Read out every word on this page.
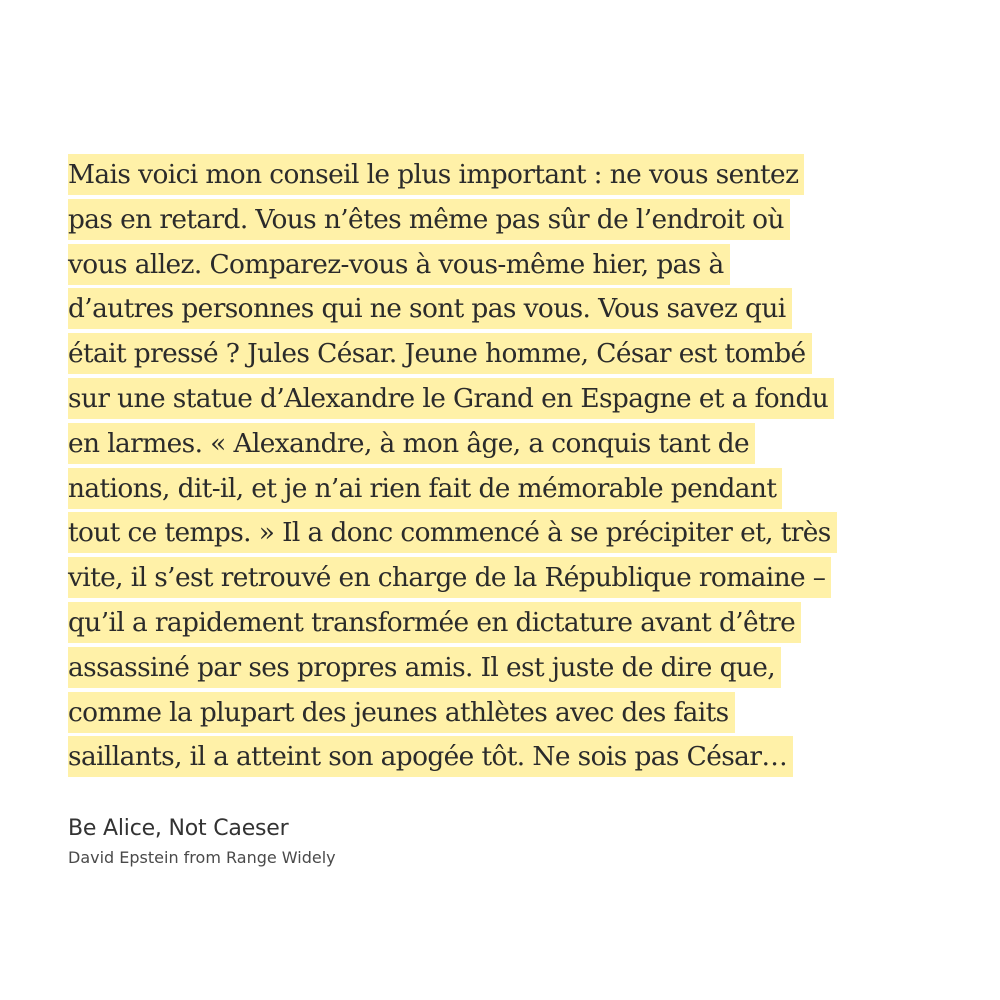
Mais voici mon conseil le plus important : ne vous sentez
pas en retard. Vous n’êtes même pas sûr de l’endroit où
vous allez. Comparez-vous à vous-même hier, pas à
d’autres personnes qui ne sont pas vous. Vous savez qui
était pressé ? Jules César. Jeune homme, César est tombé
sur une statue d’Alexandre le Grand en Espagne et a fondu
en larmes. « Alexandre, à mon âge, a conquis tant de
nations, dit-il, et je n’ai rien fait de mémorable pendant
tout ce temps. » Il a donc commencé à se précipiter et, très
vite, il s’est retrouvé en charge de la République romaine –
qu’il a rapidement transformée en dictature avant d’être
assassiné par ses propres amis. Il est juste de dire que,
comme la plupart des jeunes athlètes avec des faits
saillants, il a atteint son apogée tôt. Ne sois pas César…

Be Alice, Not Caeser

David Epstein from Range Widely
